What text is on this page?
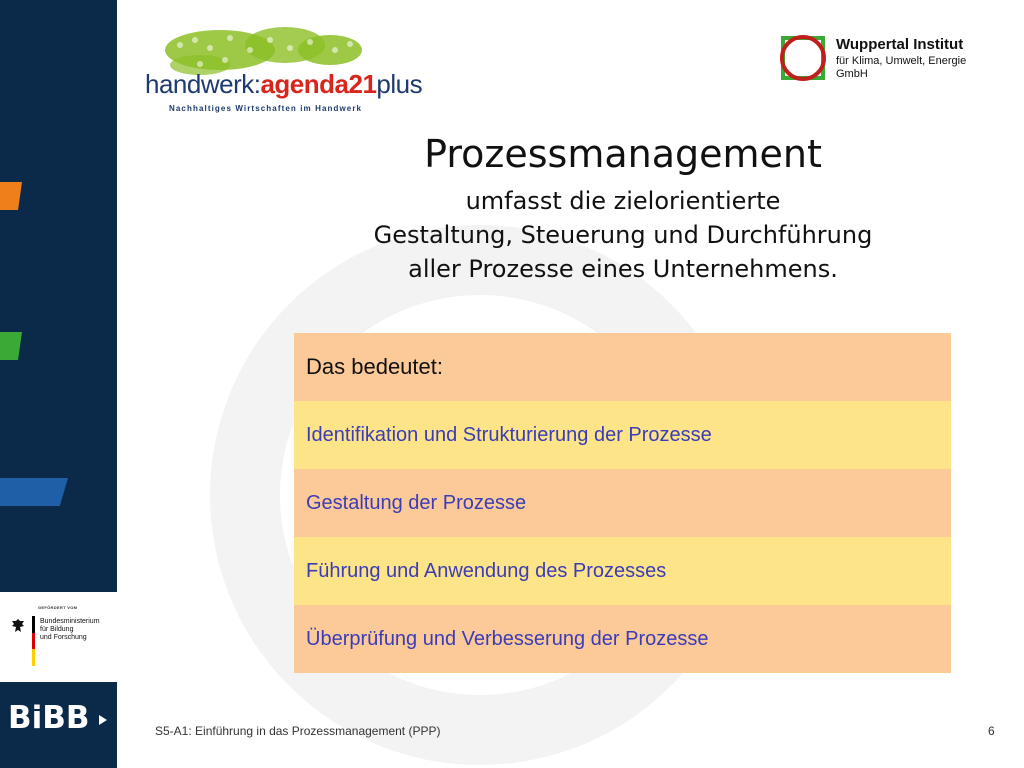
GEFÖRDERT VOM
Bundesministerium
für Bildung
und Forschung
BiBB
handwerk:agenda21plus
Nachhaltiges Wirtschaften im Handwerk
Wuppertal Institut
für Klima, Umwelt, Energie
GmbH
Prozessmanagement
umfasst die zielorientierte
Gestaltung, Steuerung und Durchführung
aller Prozesse eines Unternehmens.
Das bedeutet:
Identifikation und Strukturierung der Prozesse
Gestaltung der Prozesse
Führung und Anwendung des Prozesses
Überprüfung und Verbesserung der Prozesse
S5-A1: Einführung in das Prozessmanagement (PPP)	6
